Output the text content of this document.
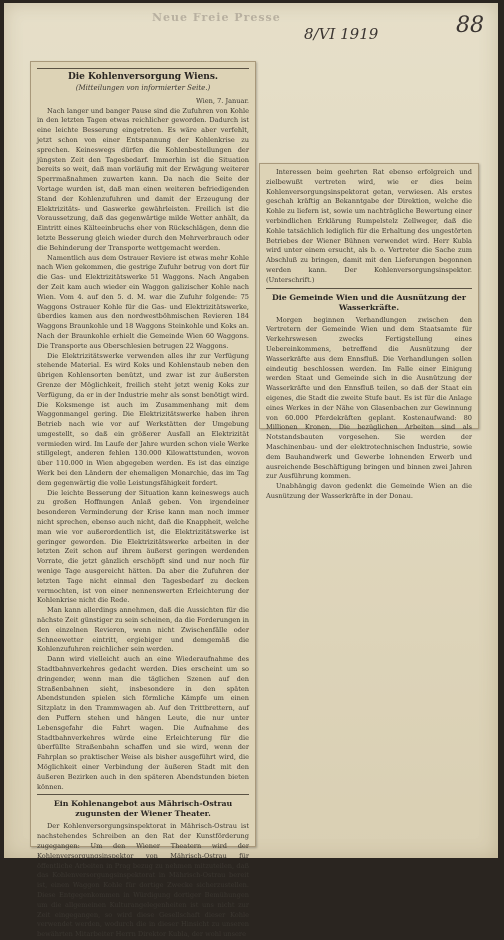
Neue Freie Presse
8/VI 1919	88
Die Kohlenversorgung Wiens.
(Mitteilungen von informierter Seite.)
Wien, 7. Januar.

Nach langer und banger Pause sind die Zufuhren von Kohle in den letzten Tagen etwas reichlicher geworden. Dadurch ist eine leichte Besserung eingetreten. Es wäre aber verfehlt, jetzt schon von einer Entspannung der Kohlenkrise zu sprechen. Keineswegs dürfen die Kohlenbestellungen der jüngsten Zeit den Tagesbedarf. Immerhin ist die Situation bereits so weit, daß man vorläufig mit der Erwägung weiterer Sperrmaßnahmen zuwarten kann. Da nach die Seite der Vortage wurden ist, daß man einen weiteren befriedigenden Stand der Kohlenzufuhren und damit der Erzeugung der Elektrizitäts- und Gaswerke gewährleisten. Freilich ist die Voraussetzung, daß das gegenwärtige milde Wetter anhält, da Eintritt eines Kälteeinbruchs eher von Rückschlägen, denn die letzte Besserung gleich wieder durch den Mehrverbrauch oder die Behinderung der Transporte wettgemacht werden.

Namentlich aus dem Ostrauer Reviere ist etwas mehr Kohle nach Wien gekommen, die gestrige Zufuhr betrug von dort für die Gas- und Elektrizitätswerke 51 Waggons. Nach Angaben der Zeit kam auch wieder ein Waggon galizischer Kohle nach Wien. Vom 4. auf den 5. d. M. war die Zufuhr folgende: 75 Waggons Ostrauer Kohle für die Gas- und Elektrizitätswerke, überdies kamen aus den nordwestböhmischen Revieren 184 Waggons Braunkohle und 18 Waggons Steinkohle und Koks an. Nach der Braunkohle erhielt die Gemeinde Wien 60 Waggons. Die Transporte aus Oberschlesien betrugen 22 Waggons.

Die Elektrizitätswerke verwenden alles ihr zur Verfügung stehende Material. Es wird Koks und Kohlenstaub neben den übrigen Kohlensorten benützt, und zwar ist zur äußersten Grenze der Möglichkeit, freilich steht jetzt wenig Koks zur Verfügung, da er in der Industrie mehr als sonst benötigt wird. Die Koksmenge ist auch im Zusammenhang mit dem Waggonmangel gering. Die Elektrizitätswerke haben ihren Betrieb nach wie vor auf Werkstätten der Umgebung umgestellt, so daß ein größerer Ausfall an Elektrizität vermieden wird. Im Laufe der Jahre wurden schon viele Werke stillgelegt, anderen fehlen 130.000 Kilowattstunden, wovon über 110.000 in Wien abgegeben werden. Es ist das einzige Werk bei den Ländern der ehemaligen Monarchie, das im Tag dem gegenwärtig die volle Leistungsfähigkeit fordert.

Die leichte Besserung der Situation kann keineswegs auch zu großen Hoffnungen Anlaß geben. Von irgendeiner besonderen Verminderung der Krise kann man noch immer nicht sprechen, ebenso auch nicht, daß die Knappheit, welche man wie vor außerordentlich ist, die Elektrizitätswerke ist geringer geworden. Die Elektrizitätswerke arbeiten in der letzten Zeit schon auf ihrem äußerst geringen werdenden Vorrate, die jetzt gänzlich erschöpft sind und nur noch für wenige Tage ausgereicht hätten. Da aber die Zufuhren der letzten Tage nicht einmal den Tagesbedarf zu decken vermochten, ist von einer nennenswerten Erleichterung der Kohlenkrise nicht die Rede.

Man kann allerdings annehmen, daß die Aussichten für die nächste Zeit günstiger zu sein scheinen, da die Forderungen in den einzelnen Revieren, wenn nicht Zwischenfälle oder Schneewetter eintritt, ergiebiger und demgemäß die Kohlenzufuhren reichlicher sein werden.

Dann wird vielleicht auch an eine Wiederaufnahme des Stadtbahnverkehres gedacht werden. Dies erscheint um so dringender, wenn man die täglichen Szenen auf den Straßenbahnen sieht, insbesondere in den späten Abendstunden spielen sich förmliche Kämpfe um einen Sitzplatz in den Trammwagen ab. Auf den Trittbrettern, auf den Puffern stehen und hängen Leute, die nur unter Lebensgefahr die Fahrt wagen. Die Aufnahme des Stadtbahnverkehres würde eine Erleichterung für die überfüllte Straßenbahn schaffen und sie wird, wenn der Fahrplan so praktischer Weise als bisher ausgeführt wird, die Möglichkeit einer Verbindung der äußeren Stadt mit den äußeren Bezirken auch in den späteren Abendstunden bieten können.

Ein Kohlenangebot aus Mährisch-Ostrau zugunsten der Wiener Theater.

Der Kohlenversorgungsinspektorat in Mährisch-Ostrau ist nachstehendes Schreiben an den Rat der Kunstförderung zugegangen: Um den Wiener Theatern wird der Kohlenversorgungsinspektor von Mährisch-Ostrau für öffentliche Arbeiten in Prag bezug zu nehmen mitzuteilen, daß das Kohlenversorgungsinspektorat in Mährisch-Ostrau bereit ist, einen Waggon Kohle für dortige Zwecke sicherzustellen. Diese Entgegenkommen in Würdigung dortiger Bemühungen um die allgemeinen Kulturangelegenheiten ist uns nicht zur Zeit eingegangen, so wird diese Gesellschaft dieser Kohle verwendet werden, wodurch die in dieser Hinsicht zu unseren bewährten Mitarbeiter Herrn Direktor Kubla, der wohl unsere

Interessen beim geehrten Rat ebenso erfolgreich und zielbewußt vertreten wird, wie er dies beim Kohlenversorgungsinspektorat getan, verwiesen. Als erstes geschah kräftig an Bekanntgabe der Direktion, welche die Kohle zu liefern ist, sowie um nachträgliche Bewertung einer verbindlichen Erklärung Rumpelstelz Zellweger, daß die Kohle tatsächlich lediglich für die Erhaltung des ungestörten Betriebes der Wiener Bühnen verwendet wird. Herr Kubla wird unter einem ersucht, als b. o. Vertreter die Sache zum Abschluß zu bringen, damit mit den Lieferungen begonnen werden kann. Der Kohlenversorgungsinspektor. (Unterschrift.)

Die Gemeinde Wien und die Ausnützung der Wasserkräfte.

Morgen beginnen Verhandlungen zwischen den Vertretern der Gemeinde Wien und dem Staatsamte für Verkehrswesen zwecks Fertigstellung eines Uebereinkommens, betreffend die Ausnützung der Wasserkräfte aus dem Ennsfluß. Die Verhandlungen sollen eindeutig beschlossen werden. Im Falle einer Einigung werden Staat und Gemeinde sich in die Ausnützung der Wasserkräfte und den Ennsfluß teilen, so daß der Staat ein eigenes, die Stadt die zweite Stufe baut. Es ist für die Anlage eines Werkes in der Nähe von Glasenbachen zur Gewinnung von 60.000 Pferdekräften geplant. Kostenaufwand: 80 Millionen Kronen. Die bezüglichen Arbeiten sind als Notstandsbauten vorgesehen. Sie werden der Maschinenbau- und der elektrotechnischen Industrie, sowie dem Bauhandwerk und Gewerbe lohnenden Erwerb und ausreichende Beschäftigung bringen und binnen zwei Jahren zur Ausführung kommen.

Unabhängig davon gedenkt die Gemeinde Wien an die Ausnützung der Wasserkräfte in der Donau.
